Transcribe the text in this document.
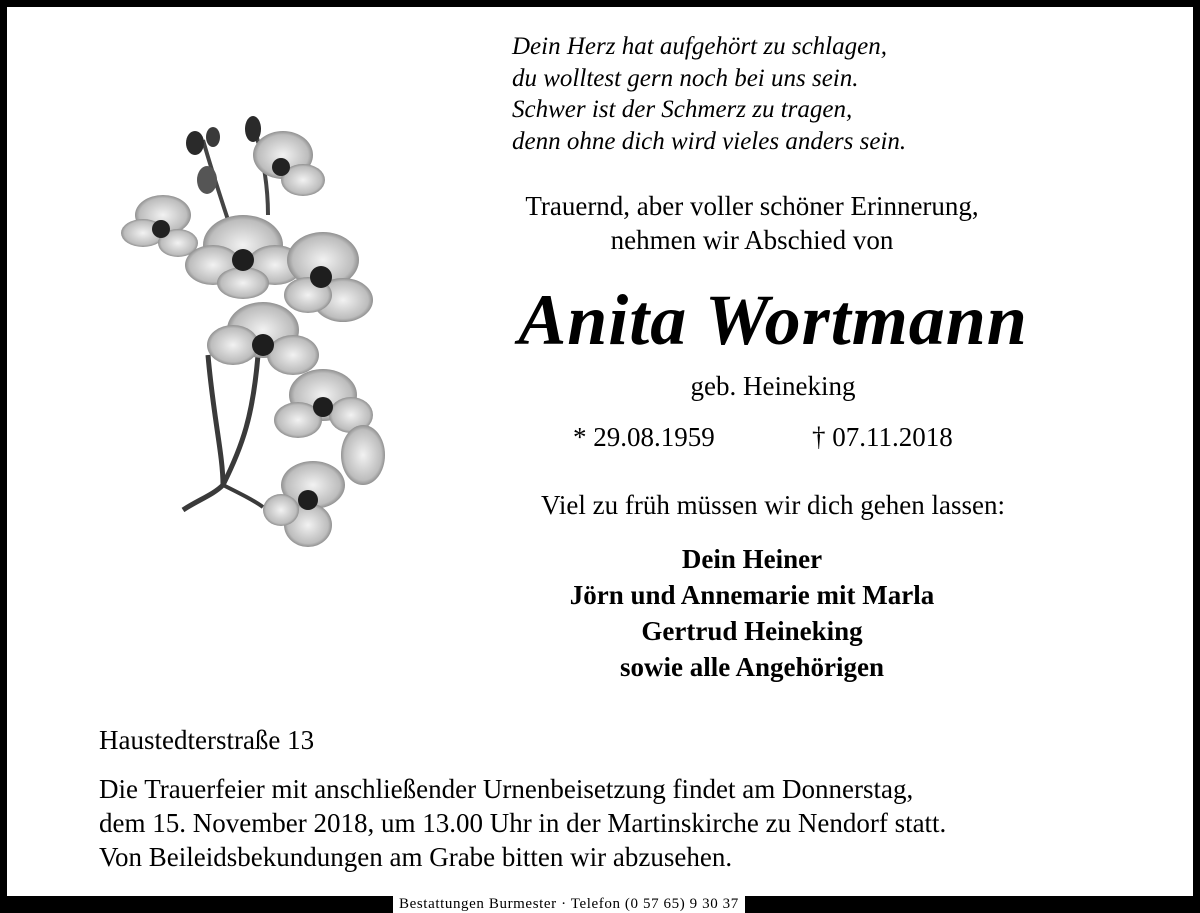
Dein Herz hat aufgehört zu schlagen,
du wolltest gern noch bei uns sein.
Schwer ist der Schmerz zu tragen,
denn ohne dich wird vieles anders sein.
Trauernd, aber voller schöner Erinnerung,
nehmen wir Abschied von
Anita Wortmann
geb. Heineking
* 29.08.1959	† 07.11.2018
Viel zu früh müssen wir dich gehen lassen:
Dein Heiner
Jörn und Annemarie mit Marla
Gertrud Heineking
sowie alle Angehörigen
Haustedterstraße 13
Die Trauerfeier mit anschließender Urnenbeisetzung findet am Donnerstag,
dem 15. November 2018, um 13.00 Uhr in der Martinskirche zu Nendorf statt.
Von Beileidsbekundungen am Grabe bitten wir abzusehen.
Bestattungen Burmester · Telefon (0 57 65) 9 30 37
